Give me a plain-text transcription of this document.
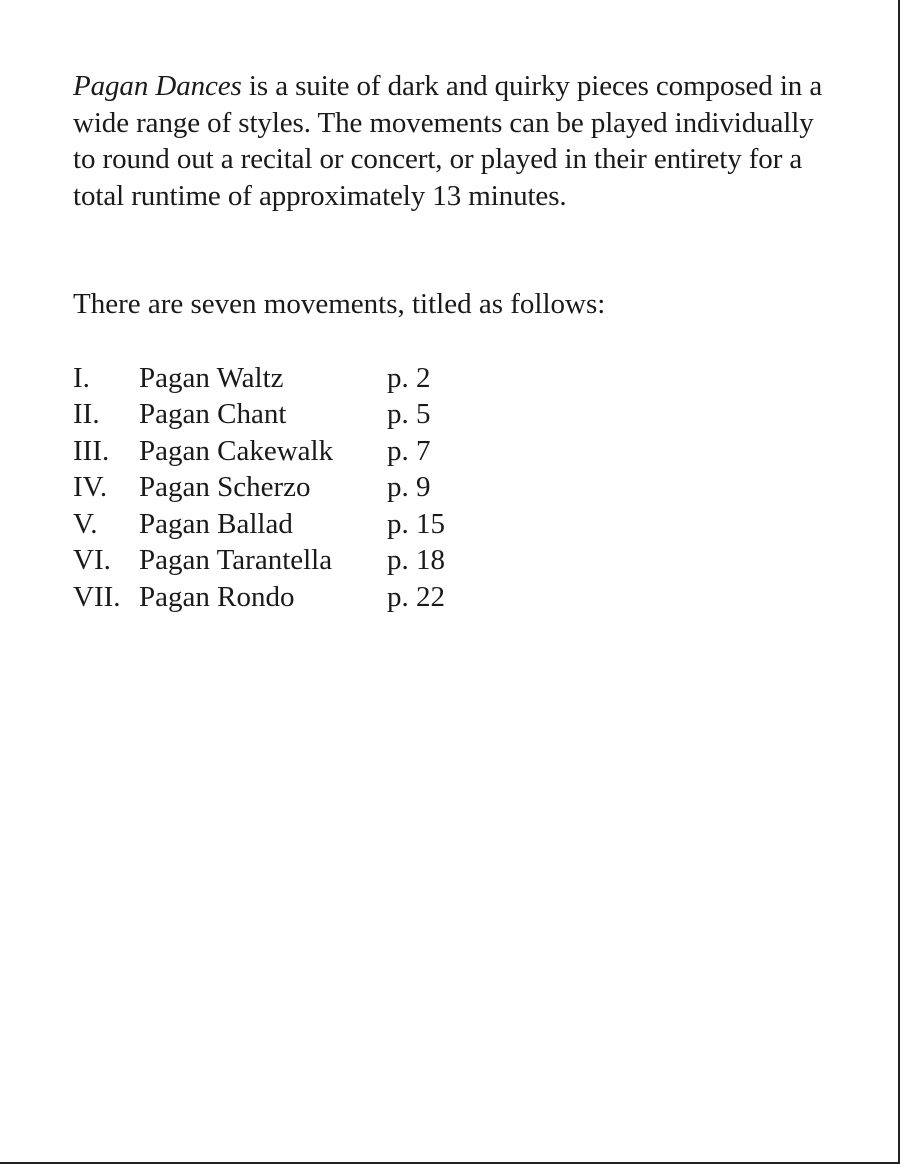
Pagan Dances is a suite of dark and quirky pieces composed in a wide range of styles. The movements can be played individually to round out a recital or concert, or played in their entirety for a total runtime of approximately 13 minutes.

There are seven movements, titled as follows:

I.	Pagan Waltz	p. 2
II.	Pagan Chant	p. 5
III.	Pagan Cakewalk	p. 7
IV.	Pagan Scherzo	p. 9
V.	Pagan Ballad	p. 15
VI. Pagan Tarantella	p. 18
VII. Pagan Rondo	p. 22
